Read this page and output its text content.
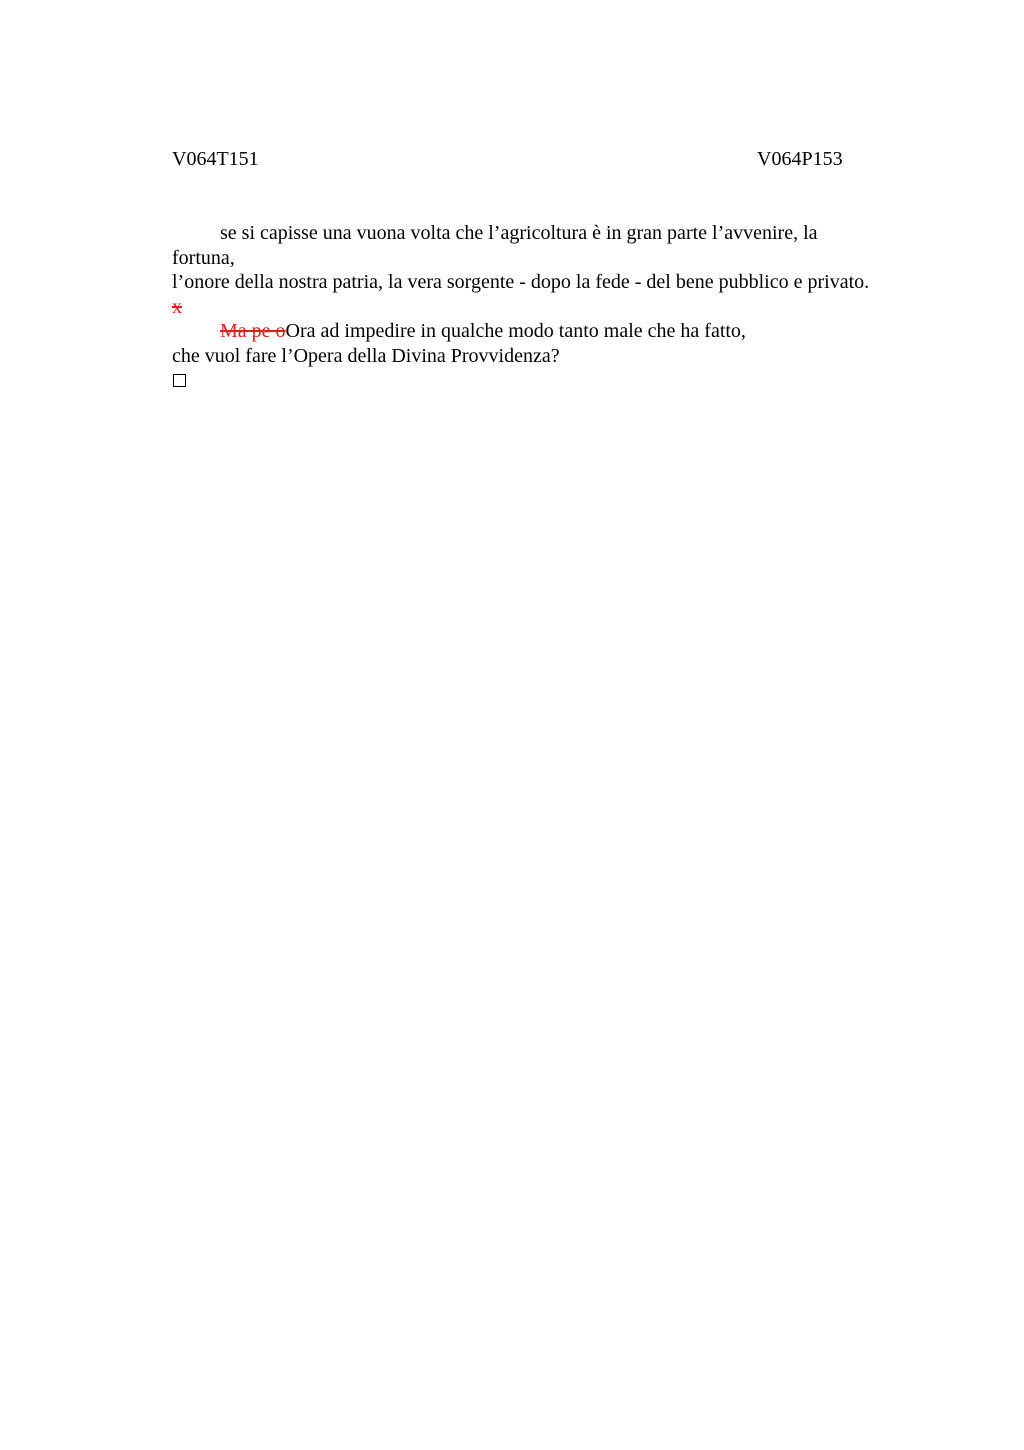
V064T151	V064P153
se si capisse una vuona volta che l’agricoltura è in gran parte l’avvenire, la
fortuna,
l’onore della nostra patria, la vera sorgente - dopo la fede - del bene pubblico e privato.
x
Ma pe oOra ad impedire in qualche modo tanto male che ha fatto,
che vuol fare l’Opera della Divina Provvidenza?
